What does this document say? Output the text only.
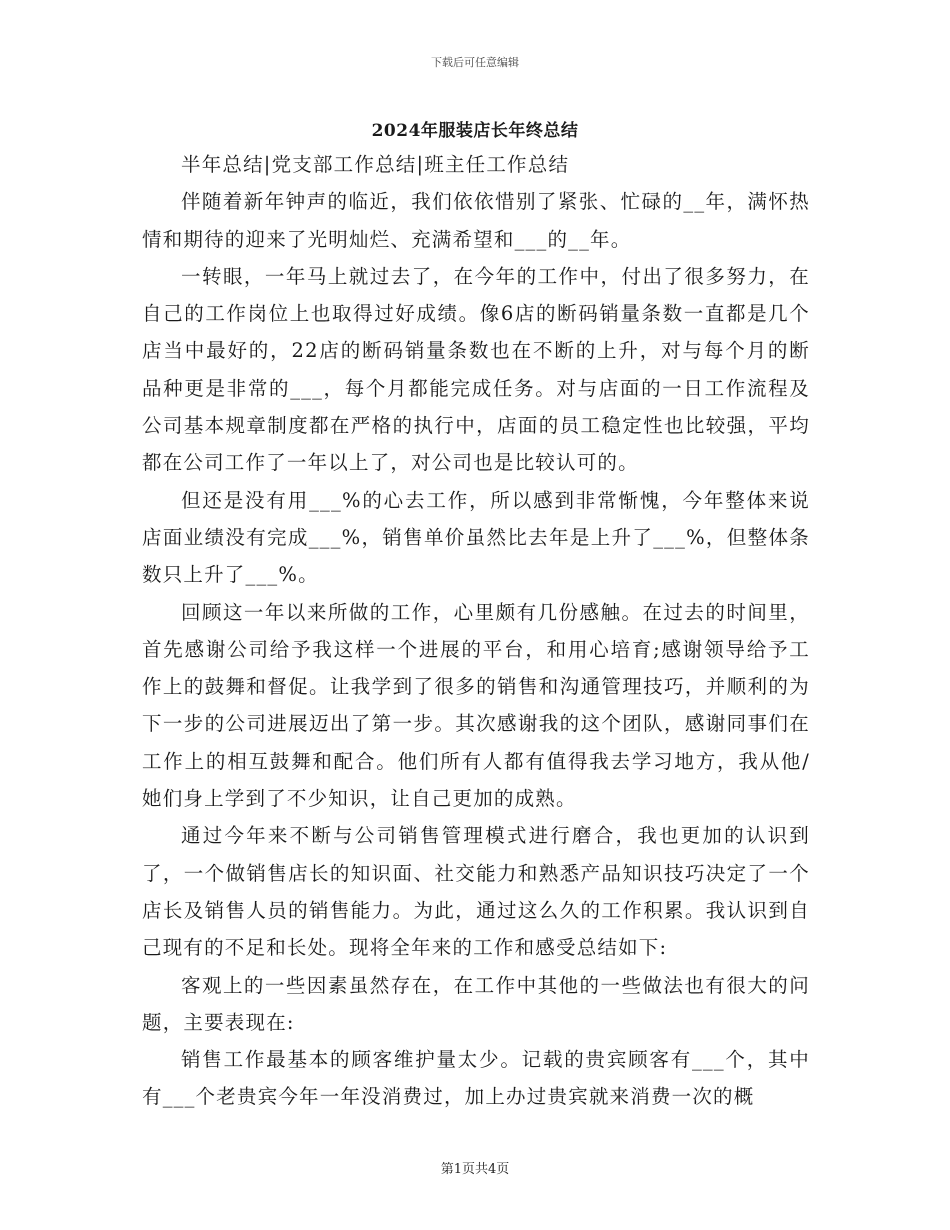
下载后可任意编辑
2024年服装店长年终总结

半年总结|党支部工作总结|班主任工作总结

伴随着新年钟声的临近，我们依依惜别了紧张、忙碌的__年，满怀热情和期待的迎来了光明灿烂、充满希望和___的__年。

一转眼，一年马上就过去了，在今年的工作中，付出了很多努力，在自己的工作岗位上也取得过好成绩。像6店的断码销量条数一直都是几个店当中最好的，22店的断码销量条数也在不断的上升，对与每个月的断品种更是非常的___，每个月都能完成任务。对与店面的一日工作流程及公司基本规章制度都在严格的执行中，店面的员工稳定性也比较强，平均都在公司工作了一年以上了，对公司也是比较认可的。

但还是没有用___%的心去工作，所以感到非常惭愧，今年整体来说店面业绩没有完成___%，销售单价虽然比去年是上升了___%，但整体条数只上升了___%。

回顾这一年以来所做的工作，心里颇有几份感触。在过去的时间里，首先感谢公司给予我这样一个进展的平台，和用心培育;感谢领导给予工作上的鼓舞和督促。让我学到了很多的销售和沟通管理技巧，并顺利的为下一步的公司进展迈出了第一步。其次感谢我的这个团队，感谢同事们在工作上的相互鼓舞和配合。他们所有人都有值得我去学习地方，我从他/她们身上学到了不少知识，让自己更加的成熟。

通过今年来不断与公司销售管理模式进行磨合，我也更加的认识到了，一个做销售店长的知识面、社交能力和熟悉产品知识技巧决定了一个店长及销售人员的销售能力。为此，通过这么久的工作积累。我认识到自己现有的不足和长处。现将全年来的工作和感受总结如下:

客观上的一些因素虽然存在，在工作中其他的一些做法也有很大的问题，主要表现在:

销售工作最基本的顾客维护量太少。记载的贵宾顾客有___个，其中有___个老贵宾今年一年没消费过，加上办过贵宾就来消费一次的概

第1页共4页
